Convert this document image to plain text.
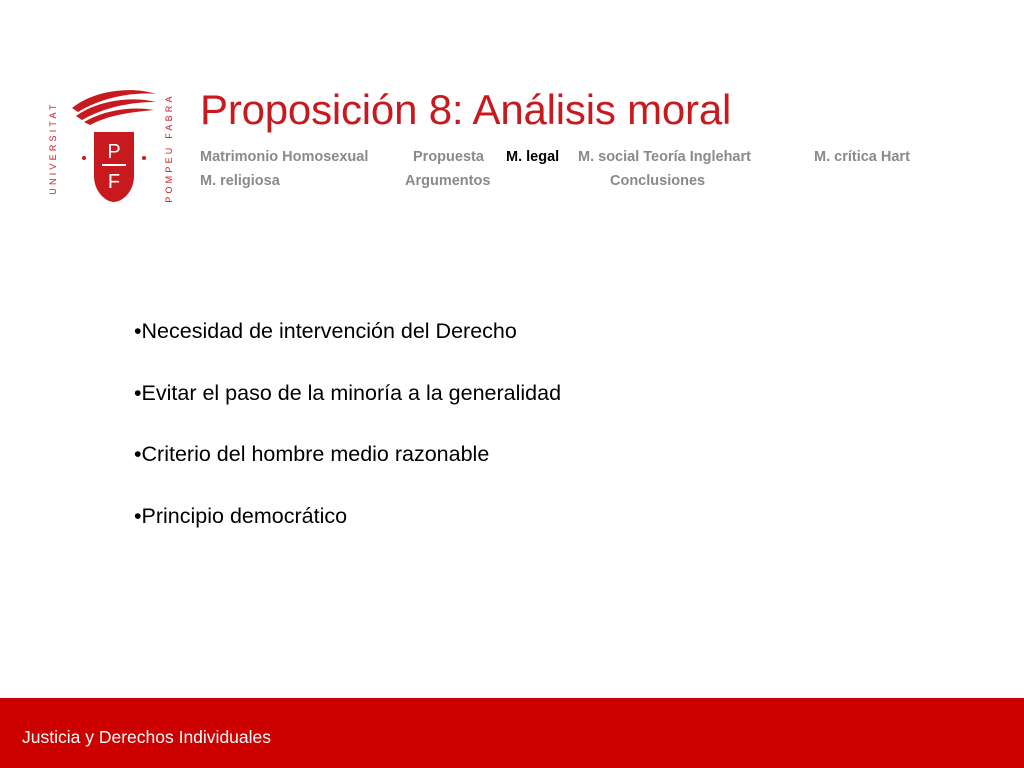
UNIVERSITAT	POMPEU FABRA
P
F
Proposición 8: Análisis moral
Matrimonio Homosexual	Propuesta M. legal M. social Teoría Inglehart	M. crítica Hart
M. religiosa	Argumentos	Conclusiones
•Necesidad de intervención del Derecho
•Evitar el paso de la minoría a la generalidad
•Criterio del hombre medio razonable
•Principio democrático
Justicia y Derechos Individuales
